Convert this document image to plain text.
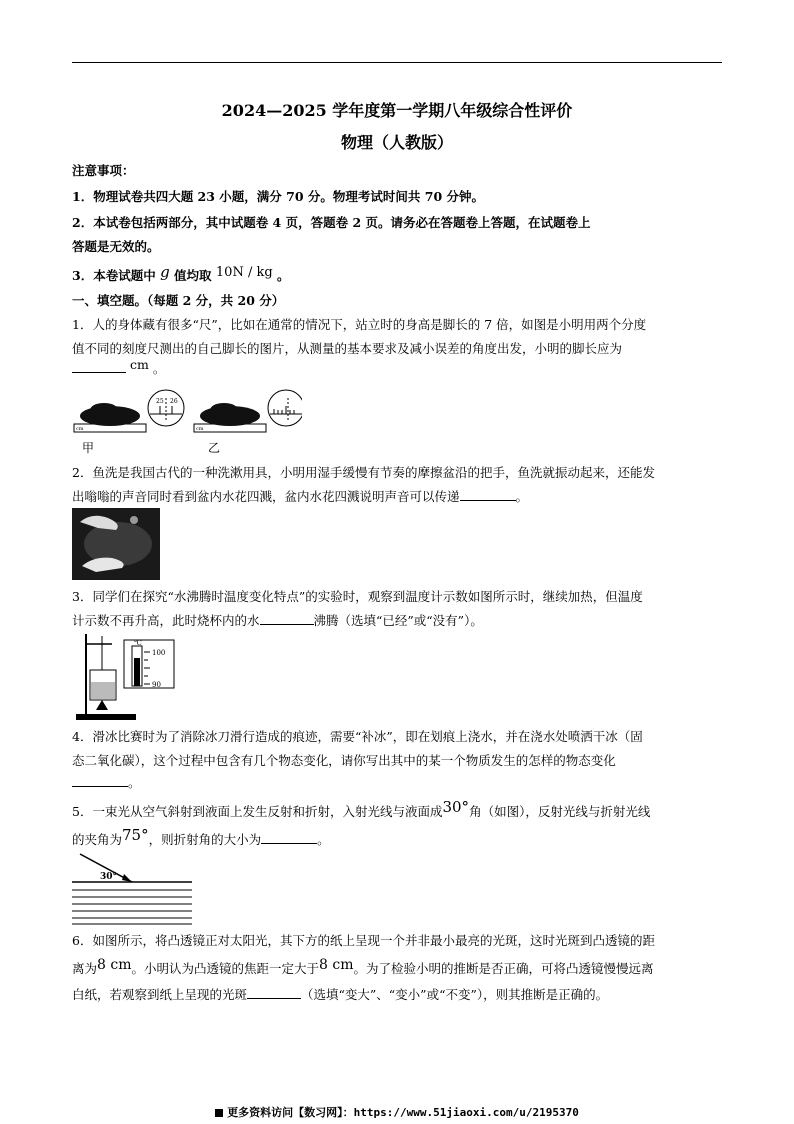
2024—2025 学年度第一学期八年级综合性评价
物理（人教版）
注意事项：
1．物理试卷共四大题 23 小题，满分 70 分。物理考试时间共 70 分钟。
2．本试卷包括两部分，其中试题卷 4 页，答题卷 2 页。请务必在答题卷上答题，在试题卷上
答题是无效的。
3．本卷试题中 g 值均取 10N / kg 。
一、填空题。（每题 2 分，共 20 分）
1．人的身体藏有很多“尺”，比如在通常的情况下，站立时的身高是脚长的 7 倍，如图是小明用两个分度
值不同的刻度尺测出的自己脚长的图片，从测量的基本要求及减小误差的角度出发，小明的脚长应为
cm 。
25 26
cm
甲
cm
乙
2．鱼洗是我国古代的一种洗漱用具，小明用湿手缓慢有节奏的摩擦盆沿的把手，鱼洗就振动起来，还能发
出嗡嗡的声音同时看到盆内水花四溅，盆内水花四溅说明声音可以传递	。
3．同学们在探究“水沸腾时温度变化特点”的实验时，观察到温度计示数如图所示时，继续加热，但温度
计示数不再升高，此时烧杯内的水	沸腾（选填“已经”或“没有”）。
℃
100
90
4．滑冰比赛时为了消除冰刀滑行造成的痕迹，需要“补冰”，即在划痕上浇水，并在浇水处喷洒干冰（固
态二氧化碳），这个过程中包含有几个物态变化，请你写出其中的某一个物质发生的怎样的物态变化
。
5．一束光从空气斜射到液面上发生反射和折射，入射光线与液面成30°角（如图），反射光线与折射光线
的夹角为75°，则折射角的大小为	。
30°
6．如图所示，将凸透镜正对太阳光，其下方的纸上呈现一个并非最小最亮的光斑，这时光斑到凸透镜的距
离为8 cm。小明认为凸透镜的焦距一定大于8 cm。为了检验小明的推断是否正确，可将凸透镜慢慢远离
白纸，若观察到纸上呈现的光斑	（选填“变大”、“变小”或“不变”），则其推断是正确的。
更多资料访问【数习网】：https://www.51jiaoxi.com/u/2195370
